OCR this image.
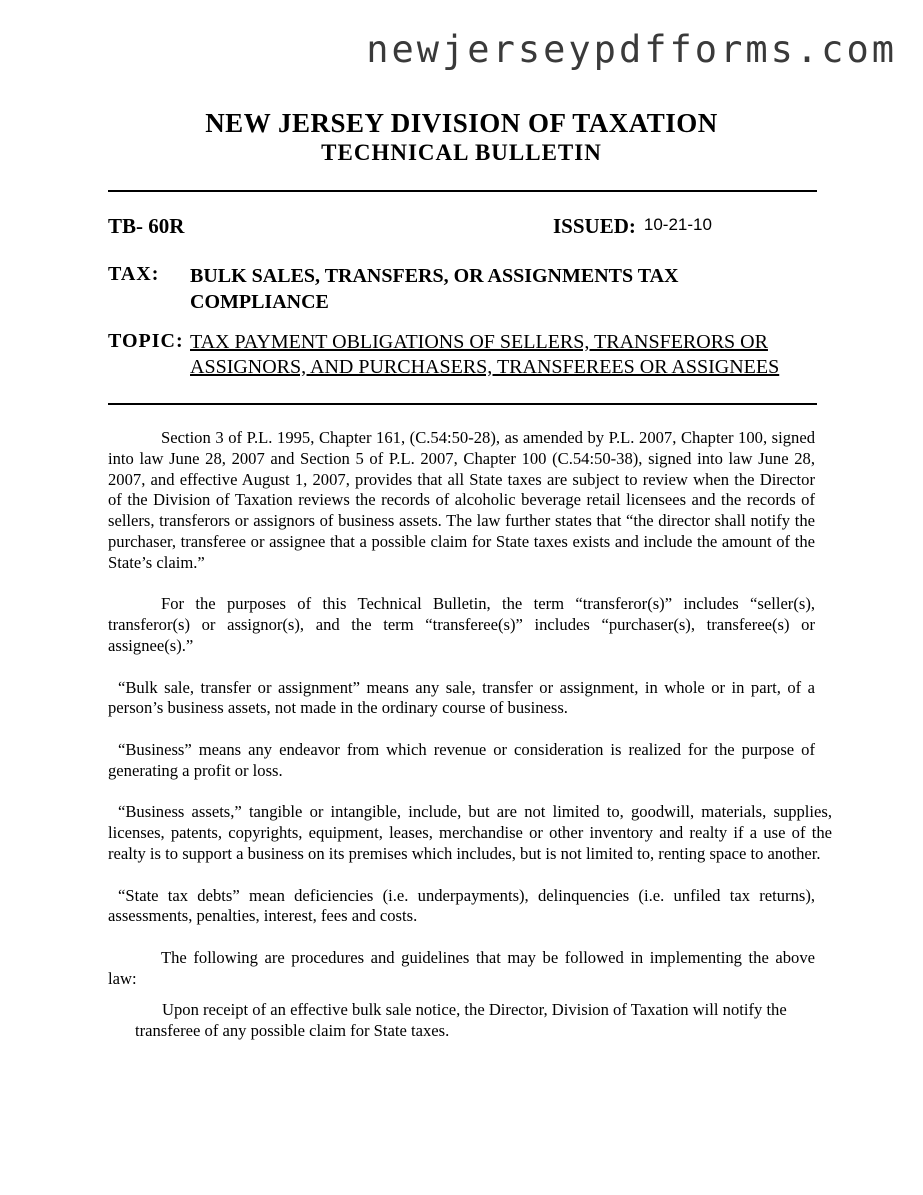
newjerseypdfforms.com
NEW JERSEY DIVISION OF TAXATION
TECHNICAL BULLETIN
TB- 60R	ISSUED: 10-21-10
TAX: BULK SALES, TRANSFERS, OR ASSIGNMENTS TAX COMPLIANCE
TOPIC: TAX PAYMENT OBLIGATIONS OF SELLERS, TRANSFERORS OR ASSIGNORS, AND PURCHASERS, TRANSFEREES OR ASSIGNEES

Section 3 of P.L. 1995, Chapter 161, (C.54:50-28), as amended by P.L. 2007, Chapter 100, signed into law June 28, 2007 and Section 5 of P.L. 2007, Chapter 100 (C.54:50-38), signed into law June 28, 2007, and effective August 1, 2007, provides that all State taxes are subject to review when the Director of the Division of Taxation reviews the records of alcoholic beverage retail licensees and the records of sellers, transferors or assignors of business assets. The law further states that “the director shall notify the purchaser, transferee or assignee that a possible claim for State taxes exists and include the amount of the State’s claim.”

For the purposes of this Technical Bulletin, the term “transferor(s)” includes “seller(s), transferor(s) or assignor(s), and the term “transferee(s)” includes “purchaser(s), transferee(s) or assignee(s).”

“Bulk sale, transfer or assignment” means any sale, transfer or assignment, in whole or in part, of a person’s business assets, not made in the ordinary course of business.

“Business” means any endeavor from which revenue or consideration is realized for the purpose of generating a profit or loss.

“Business assets,” tangible or intangible, include, but are not limited to, goodwill, materials, supplies, licenses, patents, copyrights, equipment, leases, merchandise or other inventory and realty if a use of the realty is to support a business on its premises which includes, but is not limited to, renting space to another.

“State tax debts” mean deficiencies (i.e. underpayments), delinquencies (i.e. unfiled tax returns), assessments, penalties, interest, fees and costs.

The following are procedures and guidelines that may be followed in implementing the above law:

Upon receipt of an effective bulk sale notice, the Director, Division of Taxation will notify the transferee of any possible claim for State taxes.
